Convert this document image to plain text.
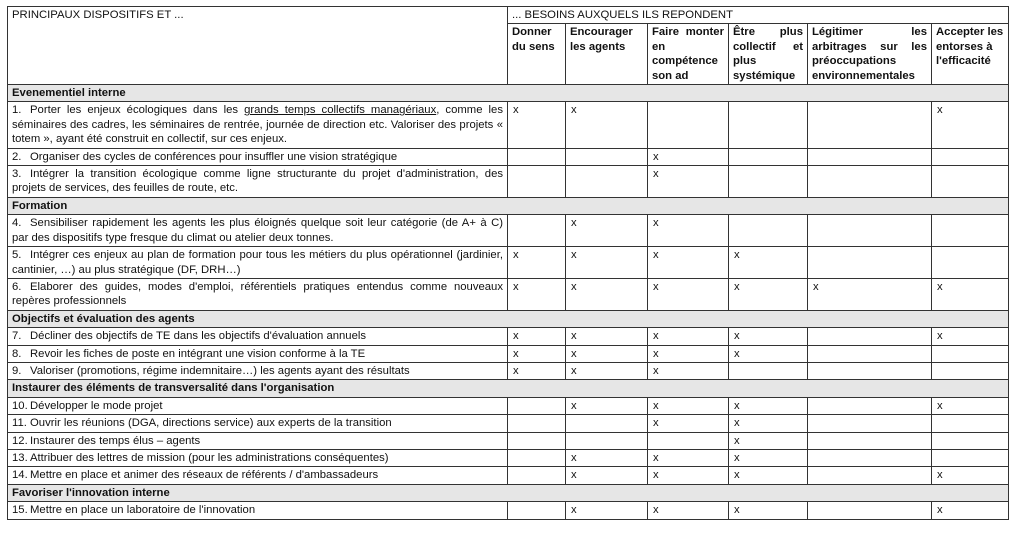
PRINCIPAUX DISPOSITIFS ET ...	... BESOINS AUXQUELS ILS REPONDENT					
	Donner du sens	Encourager les agents	Faire monter en compétence son ad	Être plus collectif et plus systémique	Légitimer les arbitrages sur les préoccupations environnementales	Accepter les entorses à l'efficacité
Evenementiel interne						
1. Porter les enjeux écologiques dans les grands temps collectifs managériaux, comme les séminaires des cadres, les séminaires de rentrée, journée de direction etc. Valoriser des projets « totem », ayant été construit en collectif, sur ces enjeux.	x	x				x
2. Organiser des cycles de conférences pour insuffler une vision stratégique			x			
3. Intégrer la transition écologique comme ligne structurante du projet d'administration, des projets de services, des feuilles de route, etc.			x			
Formation						
4. Sensibiliser rapidement les agents les plus éloignés quelque soit leur catégorie (de A+ à C) par des dispositifs type fresque du climat ou atelier deux tonnes.		x	x			
5. Intégrer ces enjeux au plan de formation pour tous les métiers du plus opérationnel (jardinier, cantinier, …) au plus stratégique (DF, DRH…)	x	x	x	x		
6. Elaborer des guides, modes d'emploi, référentiels pratiques entendus comme nouveaux repères professionnels	x	x	x	x	x	x
Objectifs et évaluation des agents						
7. Décliner des objectifs de TE dans les objectifs d'évaluation annuels	x	x	x	x		x
8. Revoir les fiches de poste en intégrant une vision conforme à la TE	x	x	x	x		
9. Valoriser (promotions, régime indemnitaire…) les agents ayant des résultats	x	x	x			
Instaurer des éléments de transversalité dans l'organisation						
10. Développer le mode projet		x	x	x		x
11. Ouvrir les réunions (DGA, directions service) aux experts de la transition			x	x		
12. Instaurer des temps élus – agents				x		
13. Attribuer des lettres de mission (pour les administrations conséquentes)		x	x	x		
14. Mettre en place et animer des réseaux de référents / d'ambassadeurs		x	x	x		x
Favoriser l'innovation interne						
15. Mettre en place un laboratoire de l'innovation		x	x	x		x
